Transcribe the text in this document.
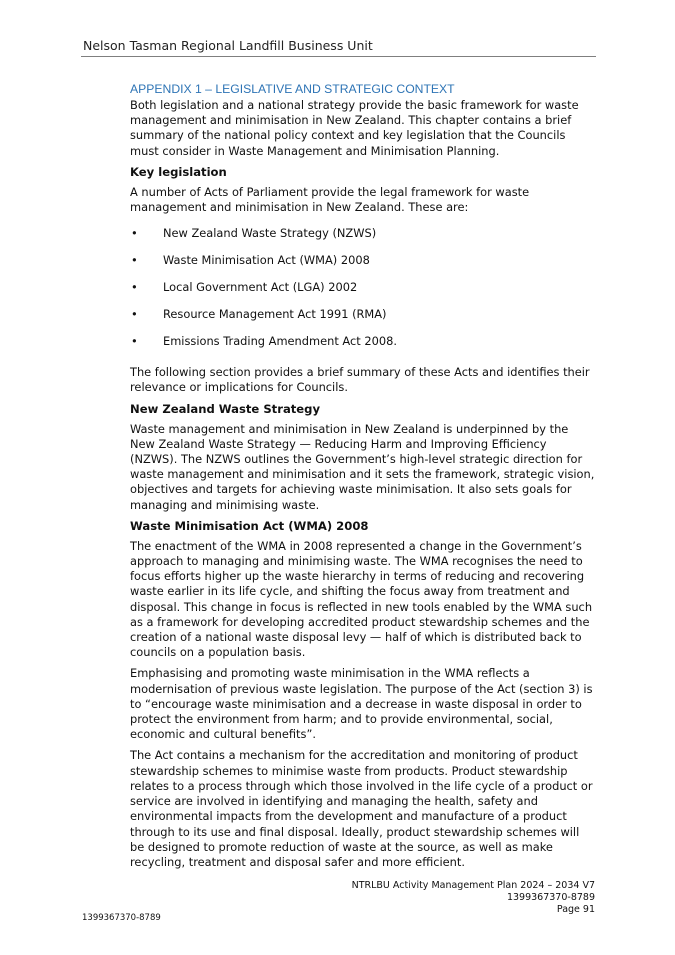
Nelson Tasman Regional Landfill Business Unit
APPENDIX 1 – LEGISLATIVE AND STRATEGIC CONTEXT

Both legislation and a national strategy provide the basic framework for waste management and minimisation in New Zealand. This chapter contains a brief summary of the national policy context and key legislation that the Councils must consider in Waste Management and Minimisation Planning.

Key legislation

A number of Acts of Parliament provide the legal framework for waste management and minimisation in New Zealand. These are:

• New Zealand Waste Strategy (NZWS)
• Waste Minimisation Act (WMA) 2008
• Local Government Act (LGA) 2002
• Resource Management Act 1991 (RMA)
• Emissions Trading Amendment Act 2008.

The following section provides a brief summary of these Acts and identifies their relevance or implications for Councils.

New Zealand Waste Strategy

Waste management and minimisation in New Zealand is underpinned by the New Zealand Waste Strategy — Reducing Harm and Improving Efficiency (NZWS). The NZWS outlines the Government’s high-level strategic direction for waste management and minimisation and it sets the framework, strategic vision, objectives and targets for achieving waste minimisation. It also sets goals for managing and minimising waste.

Waste Minimisation Act (WMA) 2008

The enactment of the WMA in 2008 represented a change in the Government’s approach to managing and minimising waste. The WMA recognises the need to focus efforts higher up the waste hierarchy in terms of reducing and recovering waste earlier in its life cycle, and shifting the focus away from treatment and disposal. This change in focus is reflected in new tools enabled by the WMA such as a framework for developing accredited product stewardship schemes and the creation of a national waste disposal levy — half of which is distributed back to councils on a population basis.

Emphasising and promoting waste minimisation in the WMA reflects a modernisation of previous waste legislation. The purpose of the Act (section 3) is to “encourage waste minimisation and a decrease in waste disposal in order to protect the environment from harm; and to provide environmental, social, economic and cultural benefits”.

The Act contains a mechanism for the accreditation and monitoring of product stewardship schemes to minimise waste from products. Product stewardship relates to a process through which those involved in the life cycle of a product or service are involved in identifying and managing the health, safety and environmental impacts from the development and manufacture of a product through to its use and final disposal. Ideally, product stewardship schemes will be designed to promote reduction of waste at the source, as well as make recycling, treatment and disposal safer and more efficient.

NTRLBU Activity Management Plan 2024 – 2034 V7
1399367370-8789
Page 91
1399367370-8789
